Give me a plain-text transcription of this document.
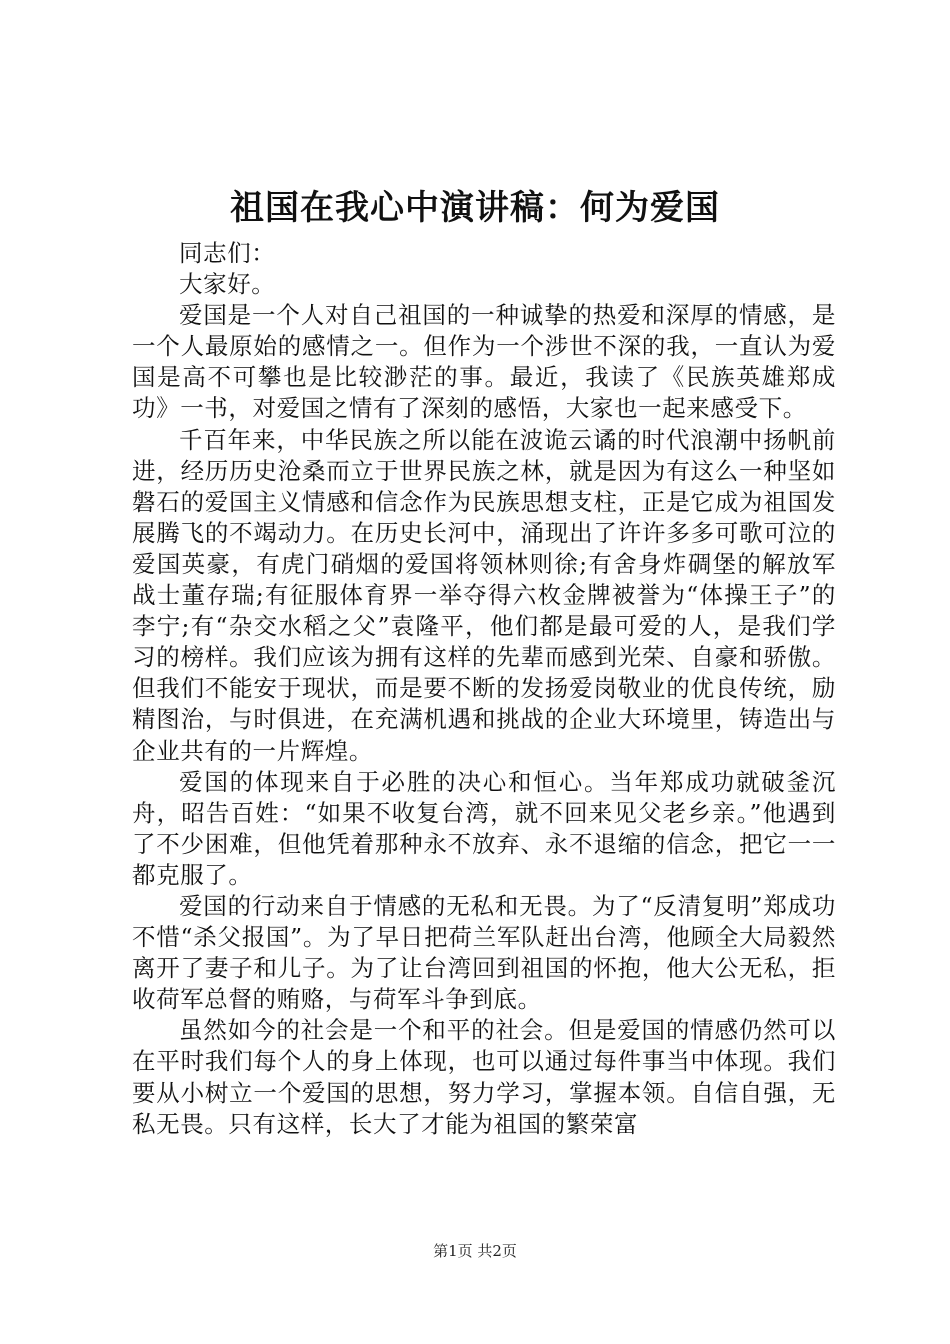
祖国在我心中演讲稿：何为爱国

同志们：

大家好。

爱国是一个人对自己祖国的一种诚挚的热爱和深厚的情感，是一个人最原始的感情之一。但作为一个涉世不深的我，一直认为爱国是高不可攀也是比较渺茫的事。最近，我读了《民族英雄郑成功》一书，对爱国之情有了深刻的感悟，大家也一起来感受下。

千百年来，中华民族之所以能在波诡云谲的时代浪潮中扬帆前进，经历历史沧桑而立于世界民族之林，就是因为有这么一种坚如磐石的爱国主义情感和信念作为民族思想支柱，正是它成为祖国发展腾飞的不竭动力。在历史长河中，涌现出了许许多多可歌可泣的爱国英豪，有虎门硝烟的爱国将领林则徐;有舍身炸碉堡的解放军战士董存瑞;有征服体育界一举夺得六枚金牌被誉为“体操王子”的李宁;有“杂交水稻之父”袁隆平，他们都是最可爱的人，是我们学习的榜样。我们应该为拥有这样的先辈而感到光荣、自豪和骄傲。但我们不能安于现状，而是要不断的发扬爱岗敬业的优良传统，励精图治，与时俱进，在充满机遇和挑战的企业大环境里，铸造出与企业共有的一片辉煌。

爱国的体现来自于必胜的决心和恒心。当年郑成功就破釜沉舟，昭告百姓：“如果不收复台湾，就不回来见父老乡亲。”他遇到了不少困难，但他凭着那种永不放弃、永不退缩的信念，把它一一都克服了。

爱国的行动来自于情感的无私和无畏。为了“反清复明”郑成功不惜“杀父报国”。为了早日把荷兰军队赶出台湾，他顾全大局毅然离开了妻子和儿子。为了让台湾回到祖国的怀抱，他大公无私，拒收荷军总督的贿赂，与荷军斗争到底。

虽然如今的社会是一个和平的社会。但是爱国的情感仍然可以在平时我们每个人的身上体现，也可以通过每件事当中体现。我们要从小树立一个爱国的思想，努力学习，掌握本领。自信自强，无私无畏。只有这样，长大了才能为祖国的繁荣富

第1页 共2页
